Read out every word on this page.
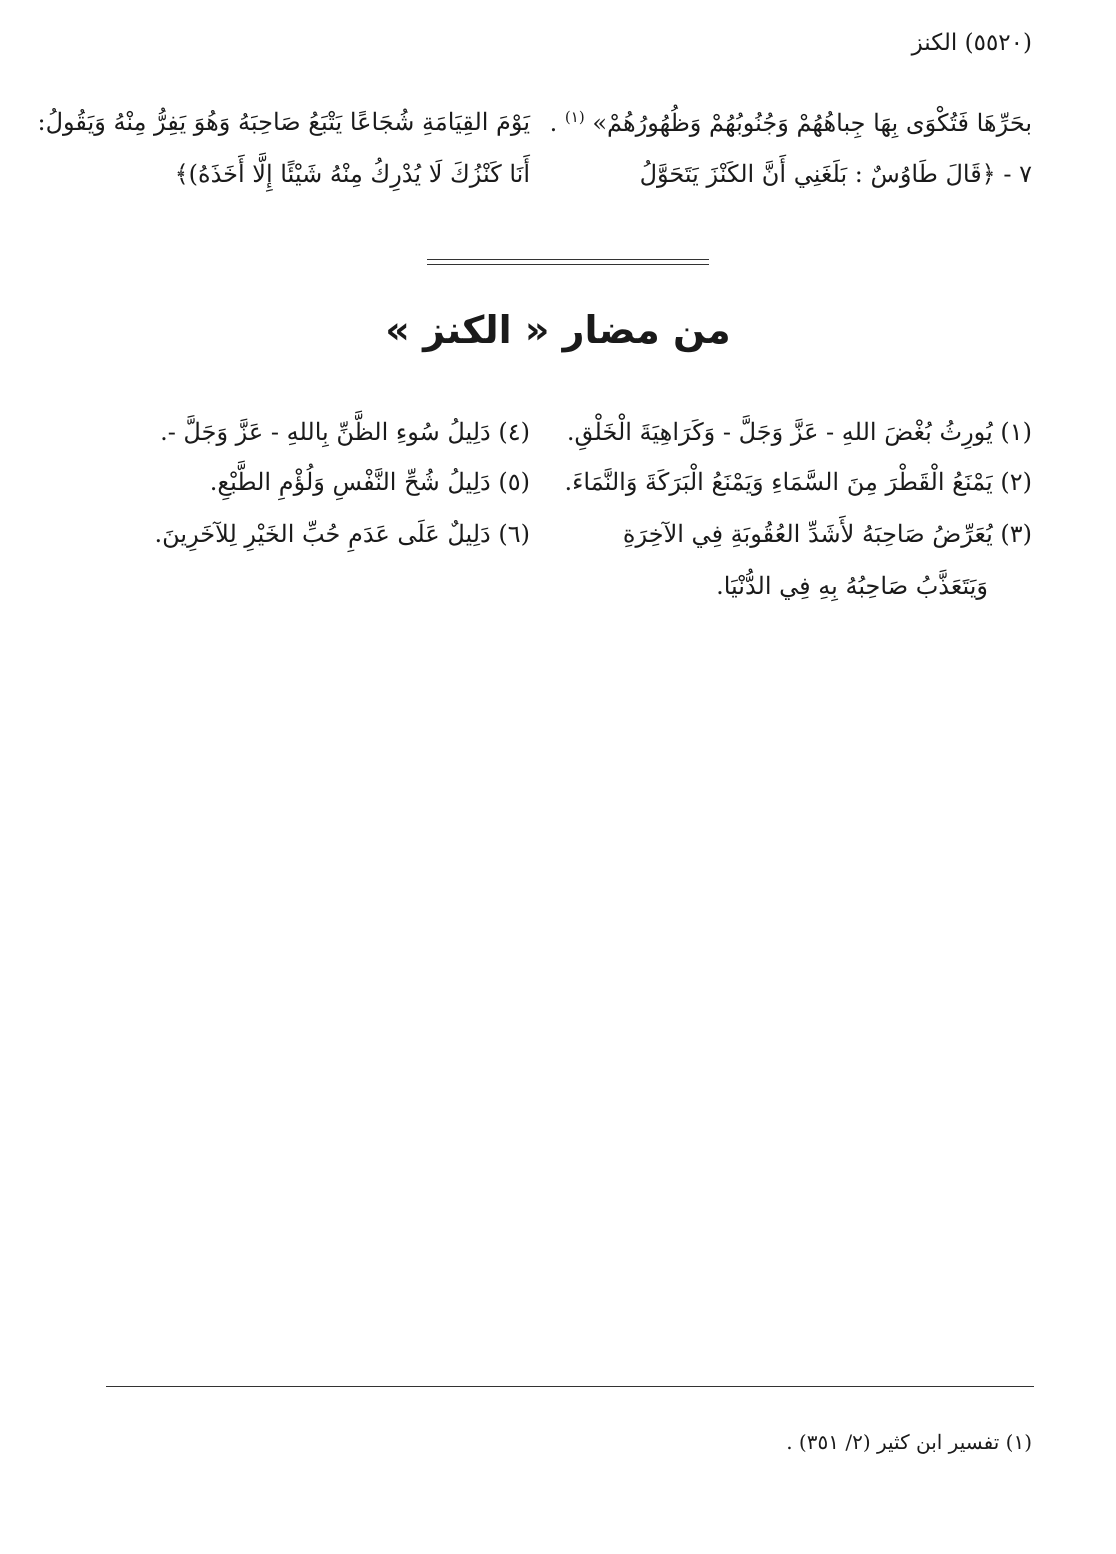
(٥٥٢٠) الكنز
بحَرِّهَا فَتُكْوَى بِهَا جِباهُهُمْ وَجُنُوبُهُمْ وَظُهُورُهُمْ» $^{(١)}$ .
٧ - ﴿قَالَ طَاوُسٌ : بَلَغَنِي أَنَّ الكَنْزَ يَتَحَوَّلُ
يَوْمَ القِيَامَةِ شُجَاعًا يَتْبَعُ صَاحِبَهُ وَهُوَ يَفِرُّ مِنْهُ وَيَقُولُ:
أَنَا كَنْزُكَ لَا يُدْرِكُ مِنْهُ شَيْئًا إِلَّا أَخَذَهُ)﴾
من مضار « الكنز »
(١) يُورِثُ بُغْضَ اللهِ - عَزَّ وَجَلَّ - وَكَرَاهِيَةَ الْخَلْقِ.
(٢) يَمْنَعُ الْقَطْرَ مِنَ السَّمَاءِ وَيَمْنَعُ الْبَرَكَةَ وَالنَّمَاءَ.
(٣) يُعَرِّضُ صَاحِبَهُ لأَشَدِّ العُقُوبَةِ فِي الآخِرَةِ
وَيَتَعَذَّبُ صَاحِبُهُ بِهِ فِي الدُّنْيَا.
(٤) دَلِيلُ سُوءِ الظَّنِّ بِاللهِ - عَزَّ وَجَلَّ -.
(٥) دَلِيلُ شُحِّ النَّفْسِ وَلُؤْمِ الطَّبْعِ.
(٦) دَلِيلٌ عَلَى عَدَمِ حُبِّ الخَيْرِ لِلآخَرِينَ.
(١) تفسير ابن كثير (٢/ ٣٥١) .
